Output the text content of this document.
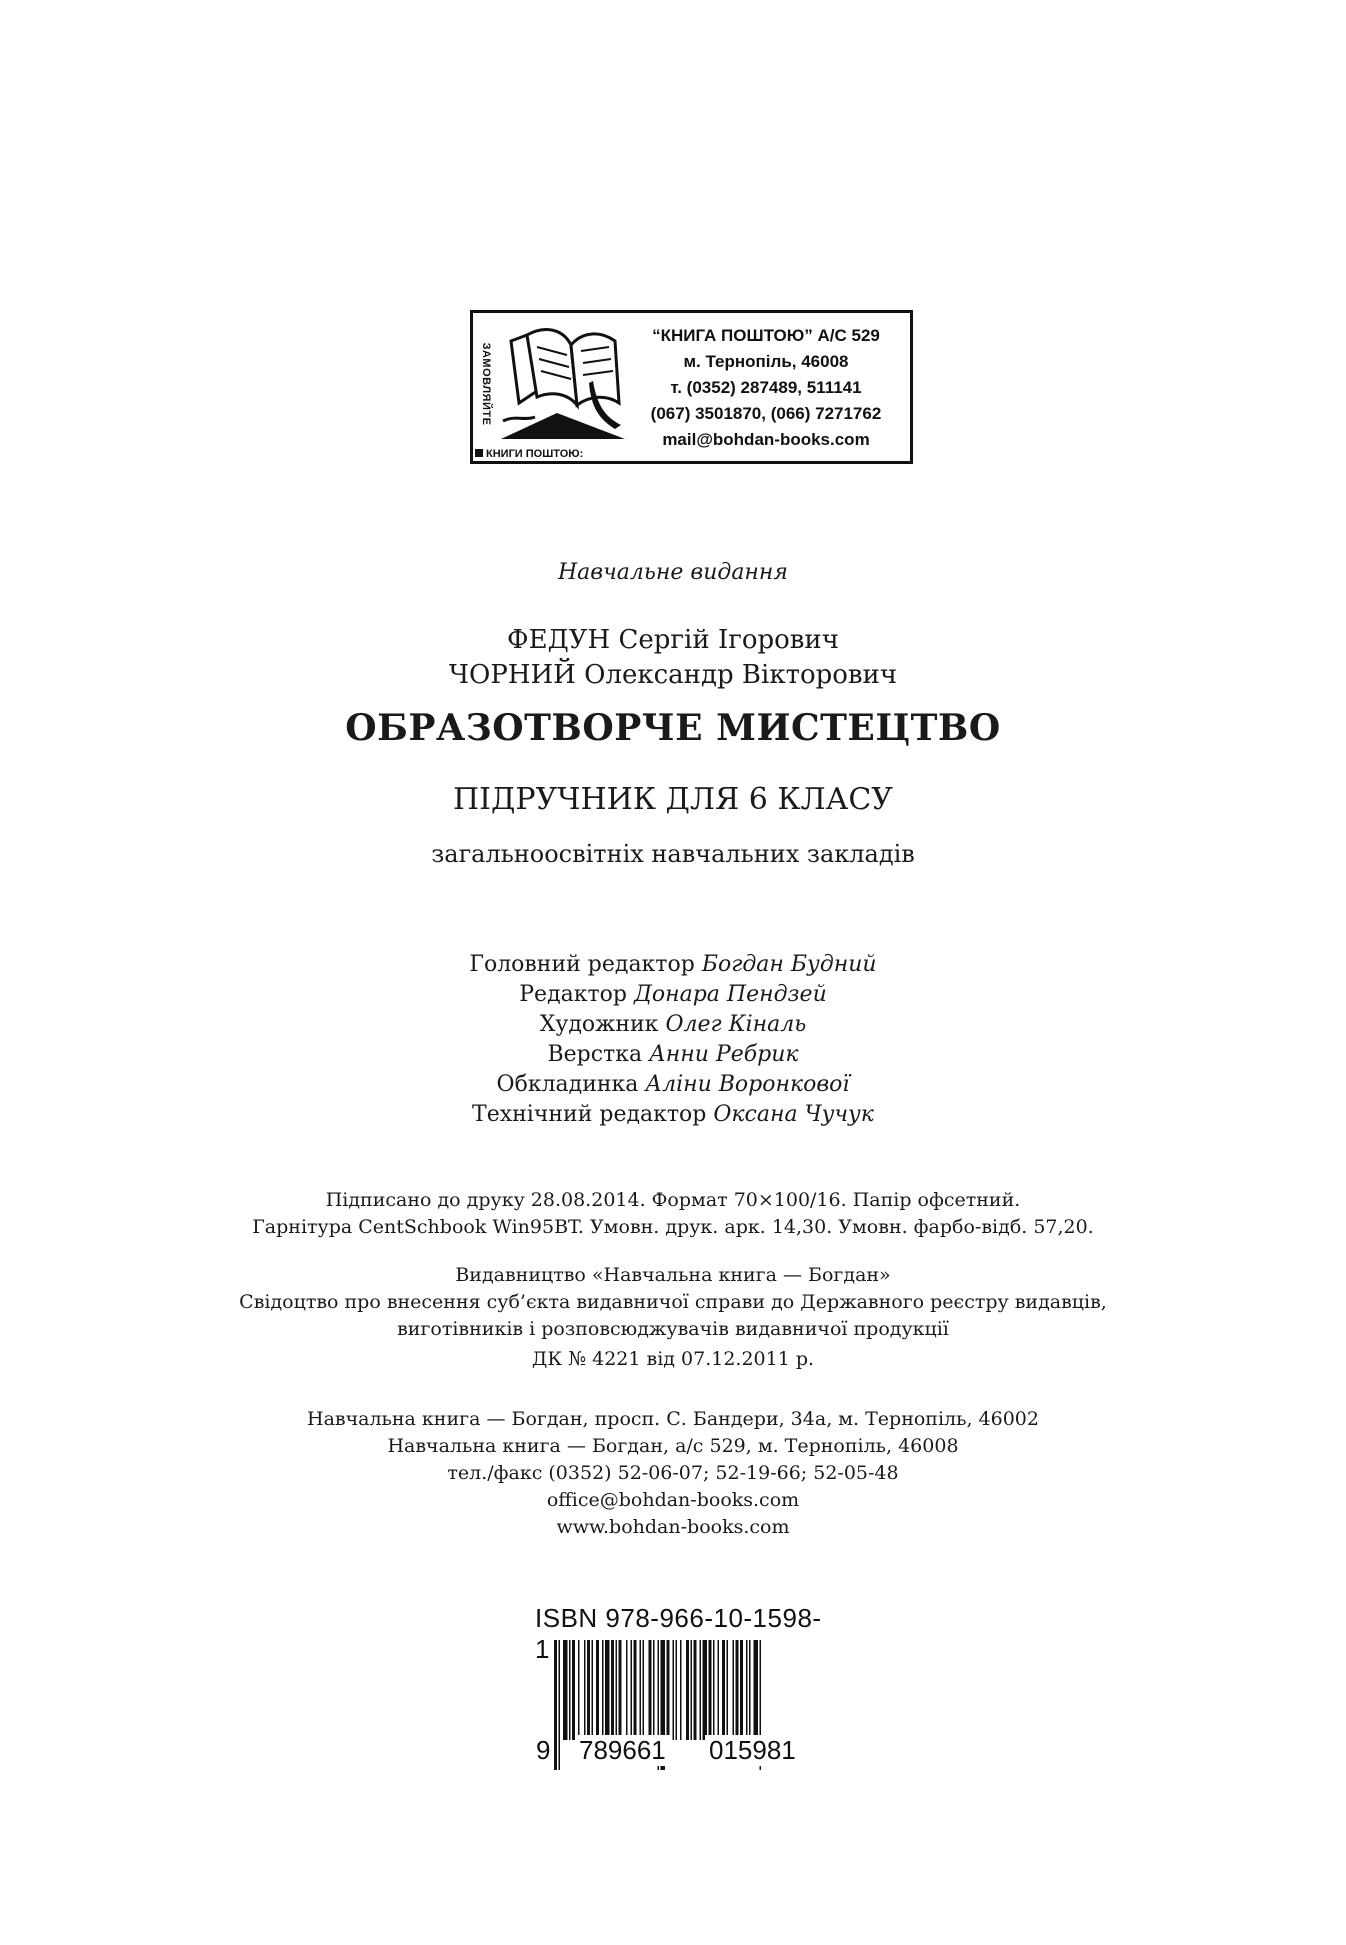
ЗАМОВЛЯЙТЕ
КНИГИ ПОШТОЮ:
“КНИГА ПОШТОЮ” А/С 529
м. Тернопіль, 46008
т. (0352) 287489, 511141
(067) 3501870, (066) 7271762
mail@bohdan-books.com
Навчальне видання
ФЕДУН Сергій Ігорович
ЧОРНИЙ Олександр Вікторович
ОБРАЗОТВОРЧЕ МИСТЕЦТВО
ПІДРУЧНИК ДЛЯ 6 КЛАСУ
загальноосвітніх навчальних закладів
Головний редактор Богдан Будний
Редактор Донара Пендзей
Художник Олег Кіналь
Верстка Анни Ребрик
Обкладинка Аліни Воронкової
Технічний редактор Оксана Чучук
Підписано до друку 28.08.2014. Формат 70×100/16. Папір офсетний.
Гарнітура CentSchbook Win95BT. Умовн. друк. арк. 14,30. Умовн. фарбо-відб. 57,20.
Видавництво «Навчальна книга — Богдан»
Свідоцтво про внесення суб’єкта видавничої справи до Державного реєстру видавців,
виготівників і розповсюджувачів видавничої продукції
ДК № 4221 від 07.12.2011 р.
Навчальна книга — Богдан, просп. С. Бандери, 34а, м. Тернопіль, 46002
Навчальна книга — Богдан, а/с 529, м. Тернопіль, 46008
тел./факс (0352) 52-06-07; 52-19-66; 52-05-48
office@bohdan-books.com
www.bohdan-books.com
ISBN 978-966-10-1598-1
9 789661 015981
